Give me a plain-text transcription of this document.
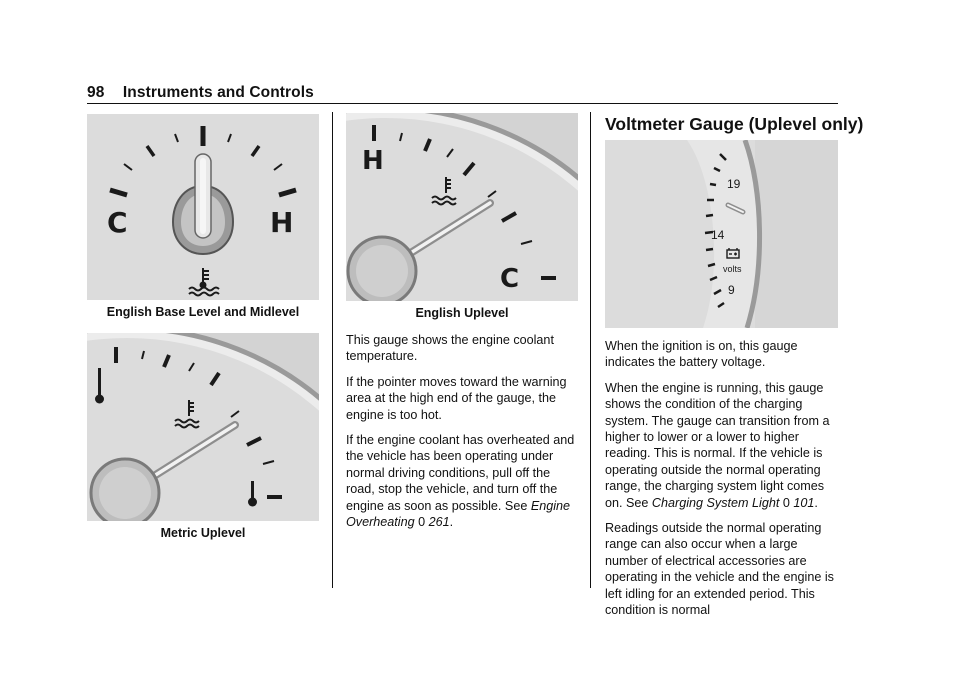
98 Instruments and Controls
C	H
English Base Level and Midlevel
Metric Uplevel
H
C
English Uplevel

This gauge shows the engine coolant temperature.

If the pointer moves toward the warning area at the high end of the gauge, the engine is too hot.

If the engine coolant has overheated and the vehicle has been operating under normal driving conditions, pull off the road, stop the vehicle, and turn off the engine as soon as possible. See Engine Overheating 0 261.

Voltmeter Gauge (Uplevel only)
19
14
9
volts

When the ignition is on, this gauge indicates the battery voltage.

When the engine is running, this gauge shows the condition of the charging system. The gauge can transition from a higher to lower or a lower to higher reading. This is normal. If the vehicle is operating outside the normal operating range, the charging system light comes on. See Charging System Light 0 101.

Readings outside the normal operating range can also occur when a large number of electrical accessories are operating in the vehicle and the engine is left idling for an extended period. This condition is normal
